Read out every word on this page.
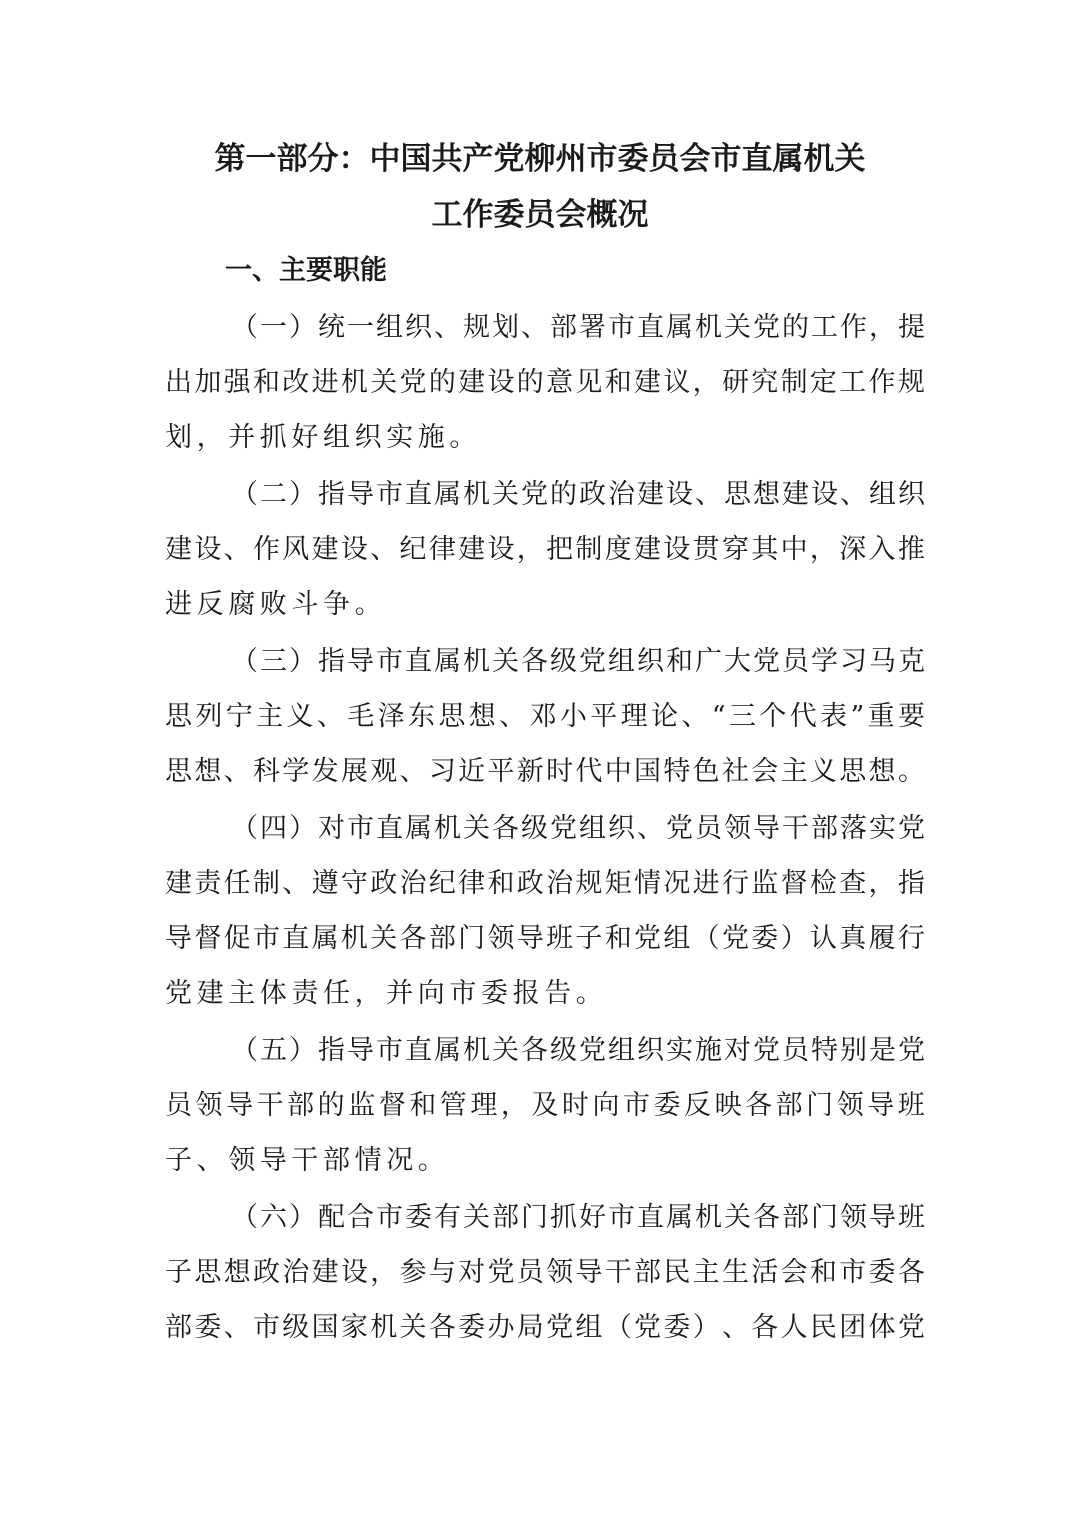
第一部分：中国共产党柳州市委员会市直属机关
工作委员会概况
一、主要职能
（ 一 ） 统 一 组 织 、 规 划 、 部 署 市 直 属 机 关 党 的 工 作 ， 提
出 加 强 和 改 进 机 关 党 的 建 设 的 意 见 和 建 议 ， 研 究 制 定 工 作 规
划，并抓好组织实施。
（ 二 ） 指 导 市 直 属 机 关 党 的 政 治 建 设 、 思 想 建 设 、 组 织
建 设 、 作 风 建 设 、 纪 律 建 设 ， 把 制 度 建 设 贯 穿 其 中 ， 深 入 推
进反腐败斗争。
（ 三 ） 指 导 市 直 属 机 关 各 级 党 组 织 和 广 大 党 员 学 习 马 克
思 列 宁 主 义 、 毛 泽 东 思 想 、 邓 小 平 理 论 、 “ 三 个 代 表 ” 重 要
思 想 、 科 学 发 展 观 、 习 近 平 新 时 代 中 国 特 色 社 会 主 义 思 想 。
（ 四 ） 对 市 直 属 机 关 各 级 党 组 织 、 党 员 领 导 干 部 落 实 党
建 责 任 制 、 遵 守 政 治 纪 律 和 政 治 规 矩 情 况 进 行 监 督 检 查 ， 指
导 督 促 市 直 属 机 关 各 部 门 领 导 班 子 和 党 组 （ 党 委 ） 认 真 履 行
党建主体责任，并向市委报告。
（ 五 ） 指 导 市 直 属 机 关 各 级 党 组 织 实 施 对 党 员 特 别 是 党
员 领 导 干 部 的 监 督 和 管 理 ， 及 时 向 市 委 反 映 各 部 门 领 导 班
子、领导干部情况。
（ 六 ） 配 合 市 委 有 关 部 门 抓 好 市 直 属 机 关 各 部 门 领 导 班
子 思 想 政 治 建 设 ， 参 与 对 党 员 领 导 干 部 民 主 生 活 会 和 市 委 各
部 委 、 市 级 国 家 机 关 各 委 办 局 党 组 （ 党 委 ） 、 各 人 民 团 体 党
